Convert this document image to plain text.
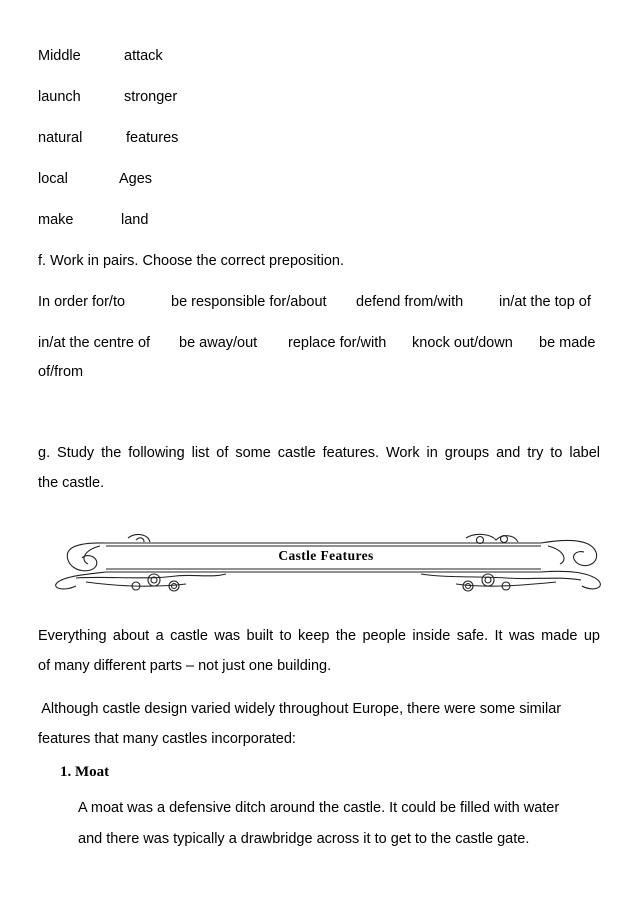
Middle	attack
launch	stronger
natural	features
local	Ages
make	land
f. Work in pairs. Choose the correct preposition.
In order for/to	be responsible for/about defend from/with in/at the top of
in/at the centre of be away/out replace for/with knock out/down be made
of/from
g. Study the following list of some castle features. Work in groups and try to label
the castle.
Castle Features
Everything about a castle was built to keep the people inside safe. It was made up
of many different parts – not just one building.
Although castle design varied widely throughout Europe, there were some similar
features that many castles incorporated:
1. Moat
A moat was a defensive ditch around the castle. It could be filled with water
and there was typically a drawbridge across it to get to the castle gate.
